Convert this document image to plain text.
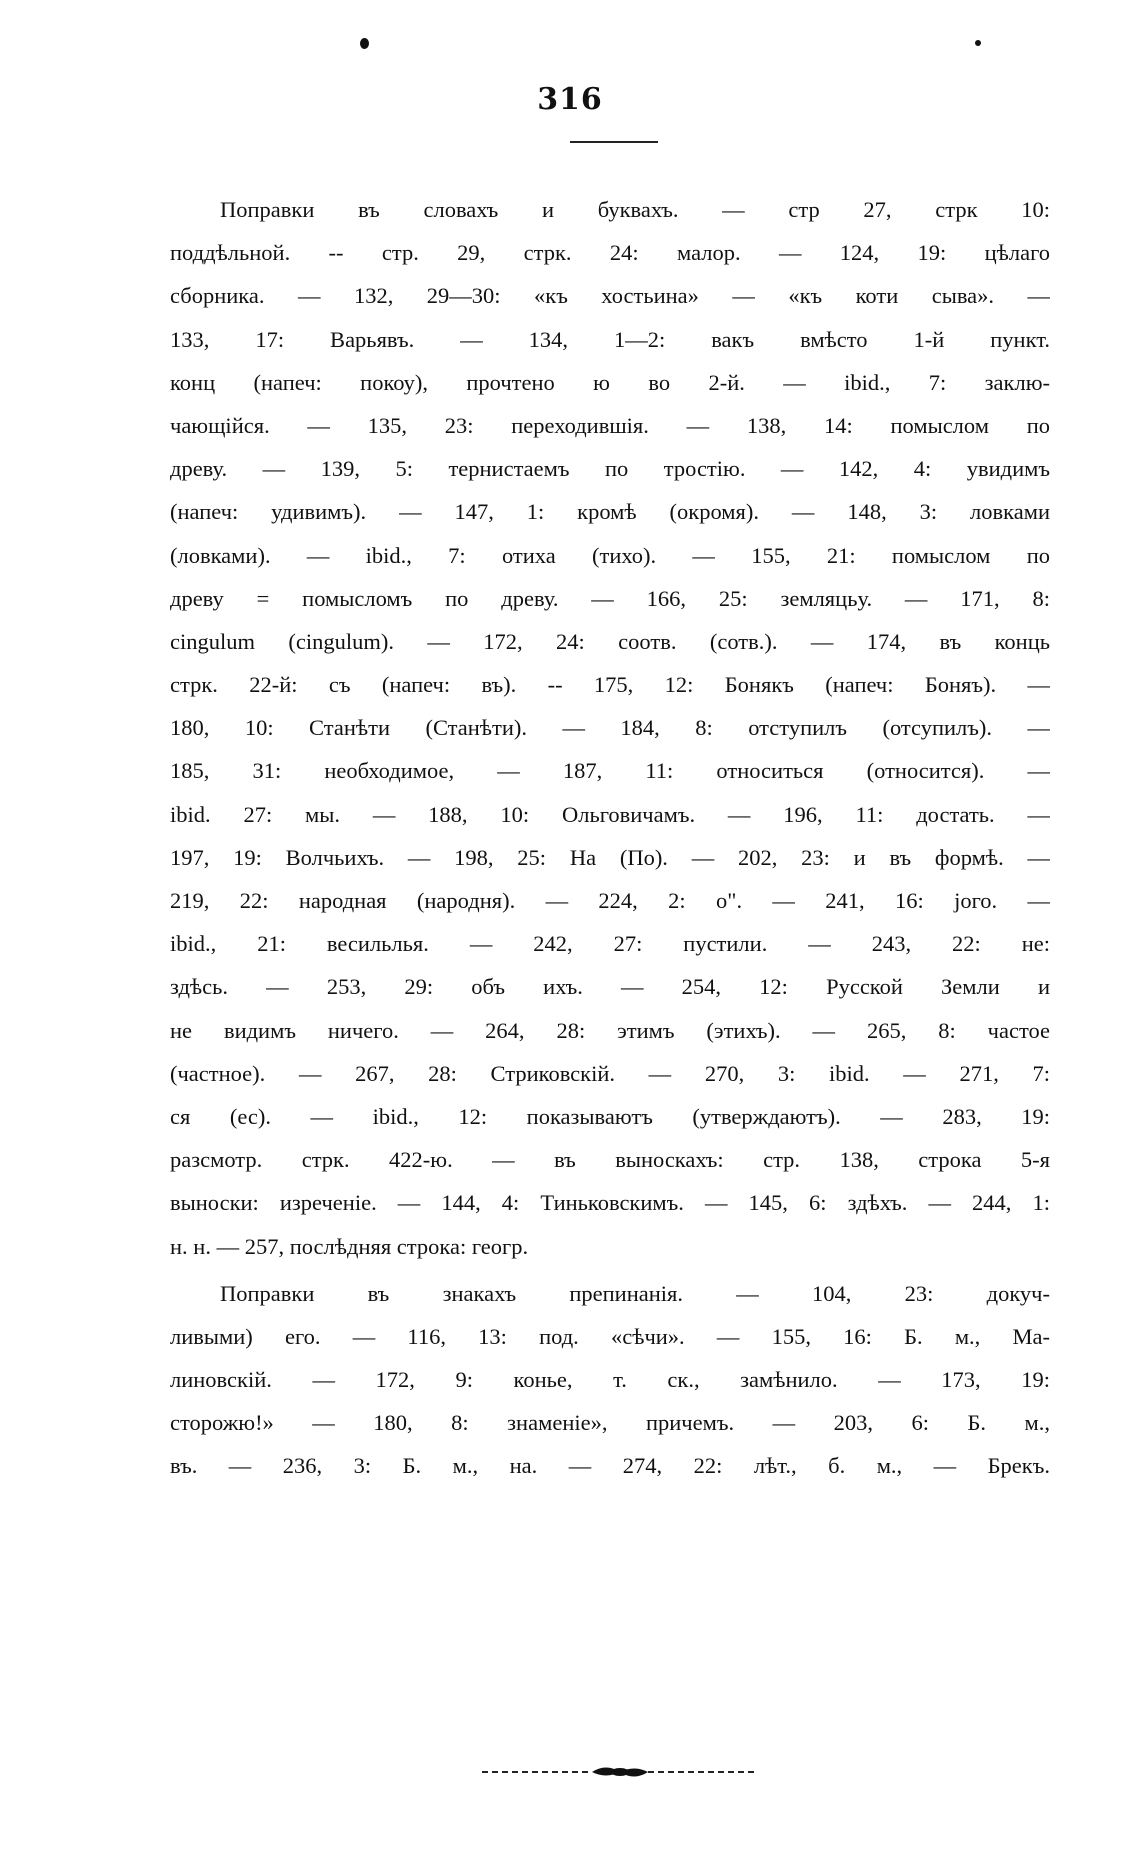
316
Поправки въ словахъ и буквахъ. — стр 27, стрк 10:
поддѣльной. -- стр. 29, стрк. 24: малор. — 124, 19: цѣлаго
сборника. — 132, 29—30: «къ хостьина» — «къ коти сыва». —
133, 17: Варьявъ. — 134, 1—2: вакъ вмѣсто 1-й пункт.
конц (напеч: покоу), прочтено ю во 2-й. — ibid., 7: заклю-
чающійся. — 135, 23: переходившія. — 138, 14: помыслом по
древу. — 139, 5: тернистаемъ по тростію. — 142, 4: увидимъ
(напеч: удивимъ). — 147, 1: кромѣ (окромя). — 148, 3: ловками
(ловками). — ibid., 7: отиха (тихо). — 155, 21: помыслом по
древу = помысломъ по древу. — 166, 25: земляцьу. — 171, 8:
cingulum (cingulum). — 172, 24: соотв. (сотв.). — 174, въ конць
стрк. 22-й: съ (напеч: въ). -- 175, 12: Бонякъ (напеч: Боняъ). —
180, 10: Станѣти (Станѣти). — 184, 8: отступилъ (отсупилъ). —
185, 31: необходимое, — 187, 11: относиться (относится). —
ibid. 27: мы. — 188, 10: Ольговичамъ. — 196, 11: достать. —
197, 19: Волчьихъ. — 198, 25: На (По). — 202, 23: и въ формѣ. —
219, 22: народная (народня). — 224, 2: о". — 241, 16: jого. —
ibid., 21: весильлья. — 242, 27: пустили. — 243, 22: не:
здѣсь. — 253, 29: объ ихъ. — 254, 12: Русской Земли и
не видимъ ничего. — 264, 28: этимъ (этихъ). — 265, 8: частое
(частное). — 267, 28: Стриковскій. — 270, 3: ibid. — 271, 7:
ся (ес). — ibid., 12: показываютъ (утверждаютъ). — 283, 19:
разсмотр. стрк. 422-ю. — въ выноскахъ: стр. 138, строка 5-я
выноски: изреченіе. — 144, 4: Тиньковскимъ. — 145, 6: здѣхъ. — 244, 1:
н. н. — 257, послѣдняя строка: геогр.
Поправки въ знакахъ препинанія. — 104, 23: докуч-
ливыми) его. — 116, 13: под. «сѣчи». — 155, 16: Б. м., Ма-
линовскій. — 172, 9: конье, т. ск., замѣнило. — 173, 19:
сторожю!» — 180, 8: знаменіе», причемъ. — 203, 6: Б. м.,
въ. — 236, 3: Б. м., на. — 274, 22: лѣт., б. м., — Брекъ.
